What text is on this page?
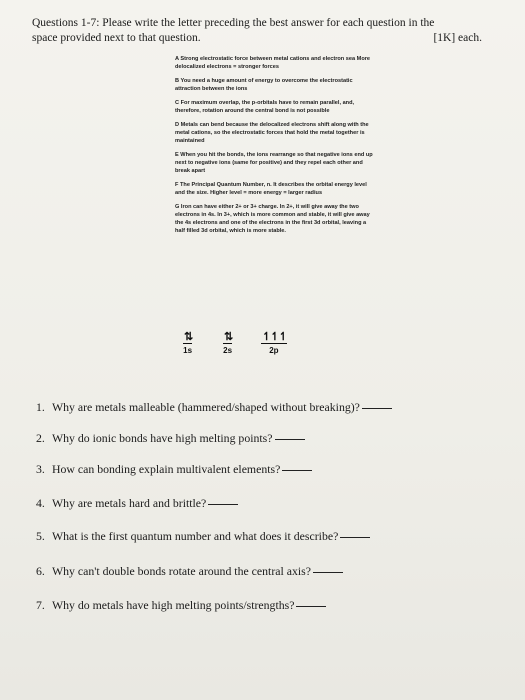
Questions 1-7: Please write the letter preceding the best answer for each question in the
space provided next to that question.	[1K] each.
A Strong electrostatic force between metal cations and electron sea More delocalized electrons = stronger forces
B You need a huge amount of energy to overcome the electrostatic attraction between the ions
C For maximum overlap, the p-orbitals have to remain parallel, and, therefore, rotation around the central bond is not possible
D Metals can bend because the delocalized electrons shift along with the metal cations, so the electrostatic forces that hold the metal together is maintained
E When you hit the bonds, the ions rearrange so that negative ions end up next to negative ions (same for positive) and they repel each other and break apart
F The Principal Quantum Number, n. It describes the orbital energy level and the size. Higher level = more energy = larger radius
G Iron can have either 2+ or 3+ charge. In 2+, it will give away the two electrons in 4s. In 3+, which is more common and stable, it will give away the 4s electrons and one of the electrons in the first 3d orbital, leaving a half filled 3d orbital, which is more stable.
⇅
1s
⇅
2s
↿ ↿ ↿
2p
1. Why are metals malleable (hammered/shaped without breaking)?
2. Why do ionic bonds have high melting points?
3. How can bonding explain multivalent elements?
4. Why are metals hard and brittle?
5. What is the first quantum number and what does it describe?
6. Why can't double bonds rotate around the central axis?
7. Why do metals have high melting points/strengths?
